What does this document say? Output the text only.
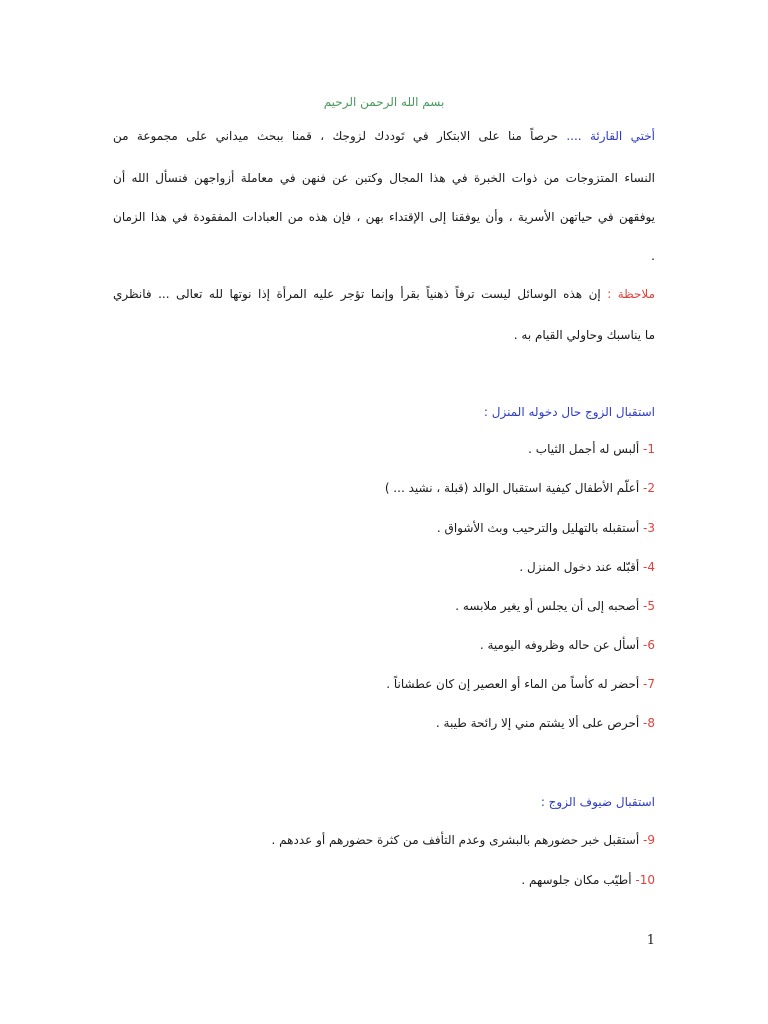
بسم الله الرحمن الرحيم
أختي القارئة .... حرصاً منا على الابتكار في تَوددك لزوجك ، قمنا ببحث ميداني على مجموعة من
النساء المتزوجات من ذوات الخبرة في هذا المجال وكتبن عن فنهن في معاملة أزواجهن فنسأل الله أن
يوفقهن في حياتهن الأسرية ، وأن يوفقنا إلى الإقتداء بهن ، فإن هذه من العبادات المفقودة في هذا الزمان
.
ملاحظة : إن هذه الوسائل ليست ترفاً ذهنياً بقرأ وإنما تؤجر عليه المرأة إذا نوتها لله تعالى ... فانظري
ما يناسبك وحاولي القيام به .
استقبال الزوج حال دخوله المنزل :
1- ألبس له أجمل الثياب .
2- أعلّم الأطفال كيفية استقبال الوالد (قبلة ، نشيد ... )
3- أستقبله بالتهليل والترحيب وبث الأشواق .
4- أقبّله عند دخول المنزل .
5- أصحبه إلى أن يجلس أو يغير ملابسه .
6- أسأل عن حاله وظروفه اليومية .
7- أحضر له كأساً من الماء أو العصير إن كان عطشاناً .
8- أحرص على ألا يشتم مني إلا رائحة طيبة .
استقبال ضيوف الزوج :
9- أستقبل خبر حضورهم بالبشرى وعدم التأفف من كثرة حضورهم أو عددهم .
10- أطيّب مكان جلوسهم .
1
